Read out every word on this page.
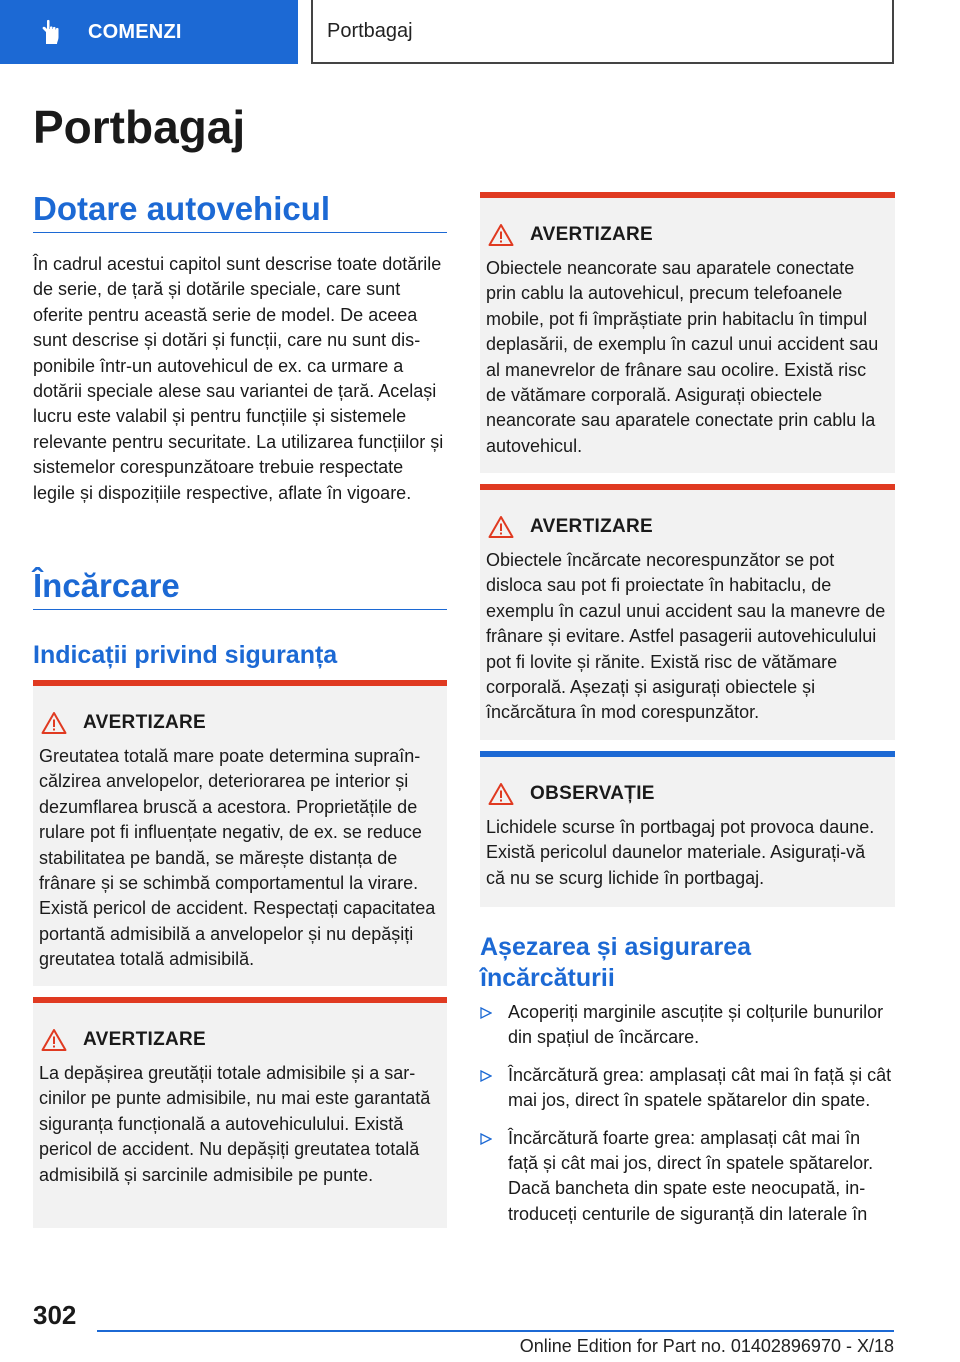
COMENZI	Portbagaj
Portbagaj
Dotare autovehicul

În cadrul acestui capitol sunt descrise toate dotările de serie, de țară și dotările speciale, care sunt oferite pentru această serie de model. De aceea sunt descrise și dotări și funcții, care nu sunt disponibile într-un autovehicul de ex. ca urmare a dotării speciale alese sau variantei de țară. Același lucru este valabil și pentru funcțiile și sistemele relevante pentru securitate. La utilizarea funcțiilor și sistemelor corespunzătoare trebuie respectate legile și dispozițiile respective, aflate în vigoare.

Încărcare
Indicații privind siguranța
AVERTIZARE

Greutatea totală mare poate determina supraîncălzirea anvelopelor, deteriorarea pe interior și dezumflarea bruscă a acestora. Proprietățile de rulare pot fi influențate negativ, de ex. se reduce stabilitatea pe bandă, se mărește distanța de frânare și se schimbă comportamentul la virare. Există pericol de accident. Respectați capacitatea portantă admisibilă a anvelopelor și nu depășiți greutatea totală admisibilă.

AVERTIZARE

La depășirea greutății totale admisibile și a sarcinilor pe punte admisibile, nu mai este garantată siguranța funcțională a autovehiculului. Există pericol de accident. Nu depășiți greutatea totală admisibilă și sarcinile admisibile pe punte.

AVERTIZARE

Obiectele neancorate sau aparatele conectate prin cablu la autovehicul, precum telefoanele mobile, pot fi împrăștiate prin habitaclu în timpul deplasării, de exemplu în cazul unui accident sau al manevrelor de frânare sau ocolire. Există risc de vătămare corporală. Asigurați obiectele neancorate sau aparatele conectate prin cablu la autovehicul.

AVERTIZARE

Obiectele încărcate necorespunzător se pot disloca sau pot fi proiectate în habitaclu, de exemplu în cazul unui accident sau la manevre de frânare și evitare. Astfel pasagerii autovehiculului pot fi lovite și rănite. Există risc de vătămare corporală. Așezați și asigurați obiectele și încărcătura în mod corespunzător.

OBSERVAȚIE

Lichidele scurse în portbagaj pot provoca daune. Există pericolul daunelor materiale. Asigurați-vă că nu se scurg lichide în portbagaj.

Așezarea și asigurarea încărcăturii
Acoperiți marginile ascuțite și colțurile bunurilor din spațiul de încărcare.
Încărcătură grea: amplasați cât mai în față și cât mai jos, direct în spatele spătarelor din spate.
Încărcătură foarte grea: amplasați cât mai în față și cât mai jos, direct în spatele spătarelor. Dacă bancheta din spate este neocupată, introduceți centurile de siguranță din laterale în
302
Online Edition for Part no. 01402896970 - X/18
